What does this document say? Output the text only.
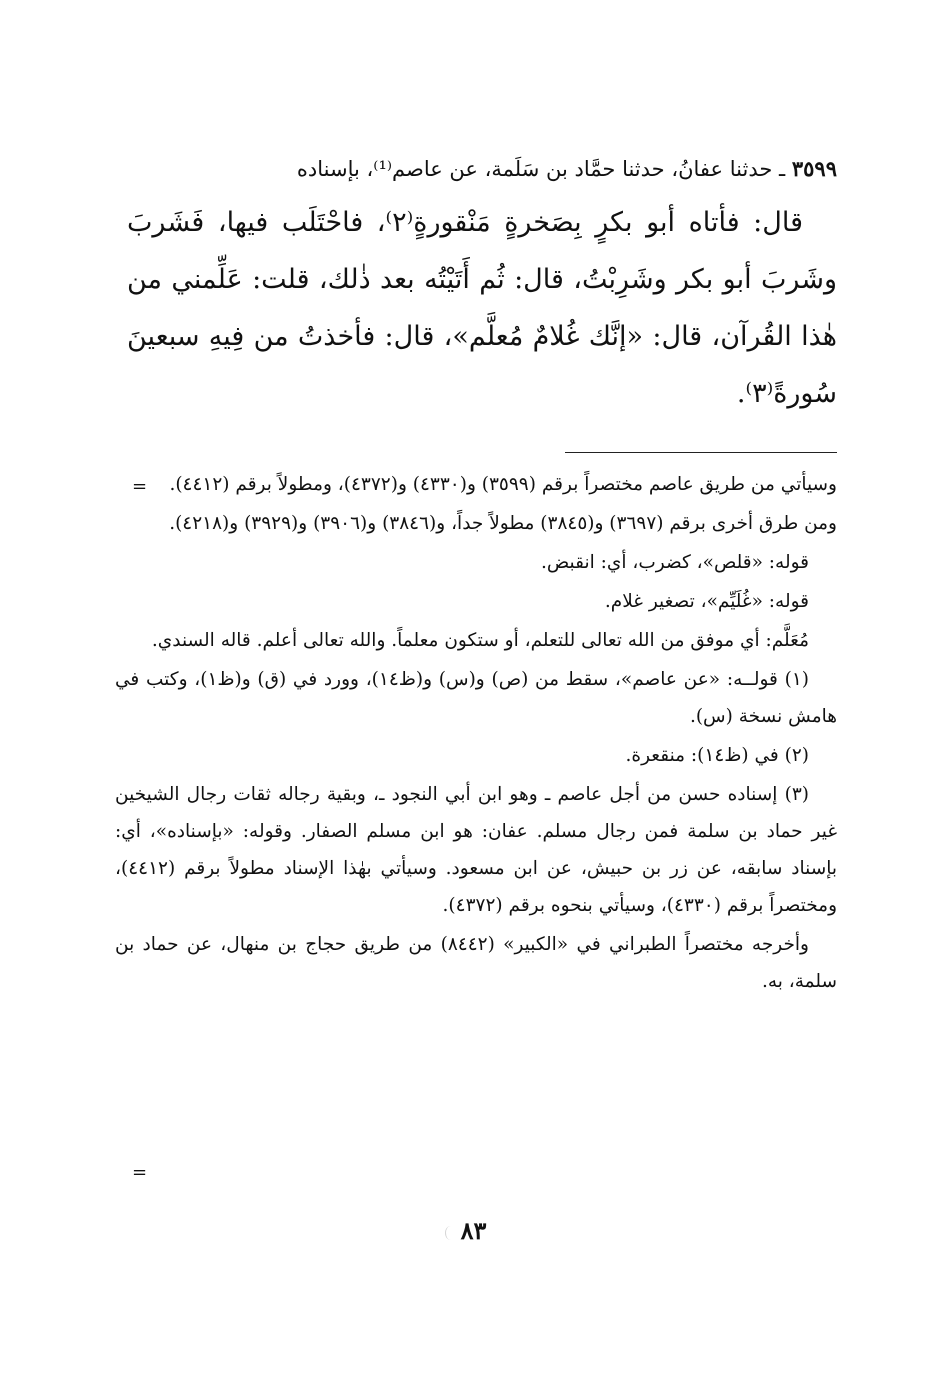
٣٥٩٩ ـ حدثنا عفانُ، حدثنا حمَّاد بن سَلَمة، عن عاصم⁽¹⁾، بإسناده

قال: فأتاه أبو بكرٍ بِصَخرةٍ مَنْقورةٍ⁽٢⁾، فاحْتَلَب فيها، فَشَربَ وشَربَ أبو بكر وشَرِبْتُ، قال: ثُم أَتَيْتُه بعد ذٰلك، قلت: عَلِّمني من هٰذا القُرآن، قال: «إنَّك غُلامٌ مُعلَّم»، قال: فأخذتُ من فِيهِ سبعينَ سُورةً⁽٣⁾.

=	وسيأتي من طريق عاصم مختصراً برقم (٣٥٩٩) و(٤٣٣٠) و(٤٣٧٢)، ومطولاً برقم (٤٤١٢).

ومن طرق أخرى برقم (٣٦٩٧) و(٣٨٤٥) مطولاً جداً، و(٣٨٤٦) و(٣٩٠٦) و(٣٩٢٩) و(٤٢١٨).

قوله: «قلص»، كضرب، أي: انقبض.

قوله: «غُلَيِّم»، تصغير غلام.

مُعَلَّم: أي موفق من الله تعالى للتعلم، أو ستكون معلماً. والله تعالى أعلم. قاله السندي.

(١) قولــه: «عن عاصم»، سقط من (ص) و(س) و(ظ١٤)، وورد في (ق) و(ظ١)، وكتب في هامش نسخة (س).

(٢) في (ظ١٤): منقعرة.

(٣) إسناده حسن من أجل عاصم ـ وهو ابن أبي النجود ـ، وبقية رجاله ثقات رجال الشيخين غير حماد بن سلمة فمن رجال مسلم. عفان: هو ابن مسلم الصفار. وقوله: «بإسناده»، أي: بإسناد سابقه، عن زر بن حبيش، عن ابن مسعود. وسيأتي بهٰذا الإسناد مطولاً برقم (٤٤١٢)، ومختصراً برقم (٤٣٣٠)، وسيأتي بنحوه برقم (٤٣٧٢).

وأخرجه مختصراً الطبراني في «الكبير» (٨٤٤٢) من طريق حجاج بن منهال، عن حماد بن سلمة، به.

=
٨٣
